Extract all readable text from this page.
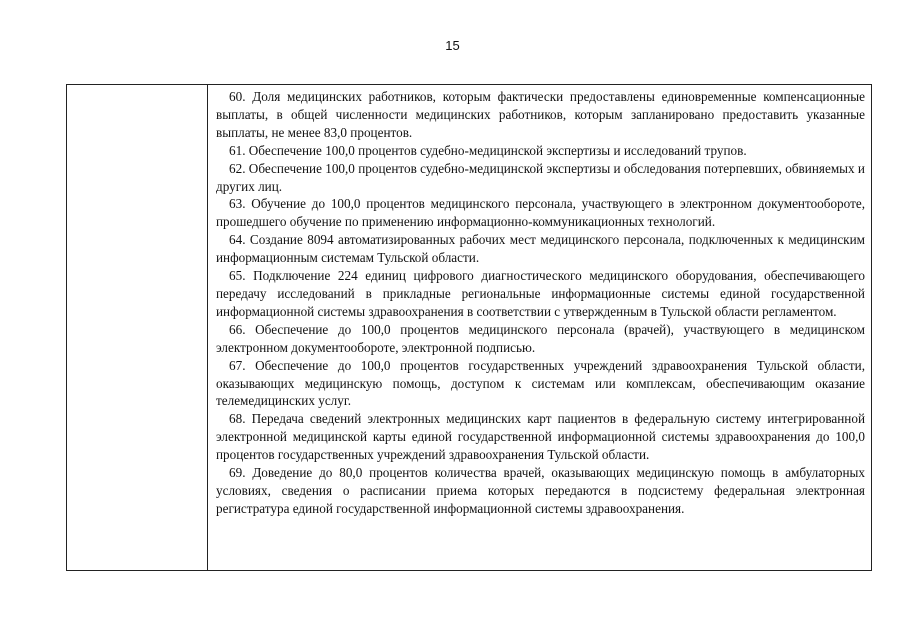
15

60. Доля медицинских работников, которым фактически предоставлены единовременные компенсационные выплаты, в общей численности медицинских работников, которым запланировано предоставить указанные выплаты, не менее 83,0 процентов.

61. Обеспечение 100,0 процентов судебно-медицинской экспертизы и исследований трупов.

62. Обеспечение 100,0 процентов судебно-медицинской экспертизы и обследования потерпевших, обвиняемых и других лиц.

63. Обучение до 100,0 процентов медицинского персонала, участвующего в электронном документообороте, прошедшего обучение по применению информационно-коммуникационных технологий.

64. Создание 8094 автоматизированных рабочих мест медицинского персонала, подключенных к медицинским информационным системам Тульской области.

65. Подключение 224 единиц цифрового диагностического медицинского оборудования, обеспечивающего передачу исследований в прикладные региональные информационные системы единой государственной информационной системы здравоохранения в соответствии с утвержденным в Тульской области регламентом.

66. Обеспечение до 100,0 процентов медицинского персонала (врачей), участвующего в медицинском электронном документообороте, электронной подписью.

67. Обеспечение до 100,0 процентов государственных учреждений здравоохранения Тульской области, оказывающих медицинскую помощь, доступом к системам или комплексам, обеспечивающим оказание телемедицинских услуг.

68. Передача сведений электронных медицинских карт пациентов в федеральную систему интегрированной электронной медицинской карты единой государственной информационной системы здравоохранения до 100,0 процентов государственных учреждений здравоохранения Тульской области.

69. Доведение до 80,0 процентов количества врачей, оказывающих медицинскую помощь в амбулаторных условиях, сведения о расписании приема которых передаются в подсистему федеральная электронная регистратура единой государственной информационной системы здравоохранения.
